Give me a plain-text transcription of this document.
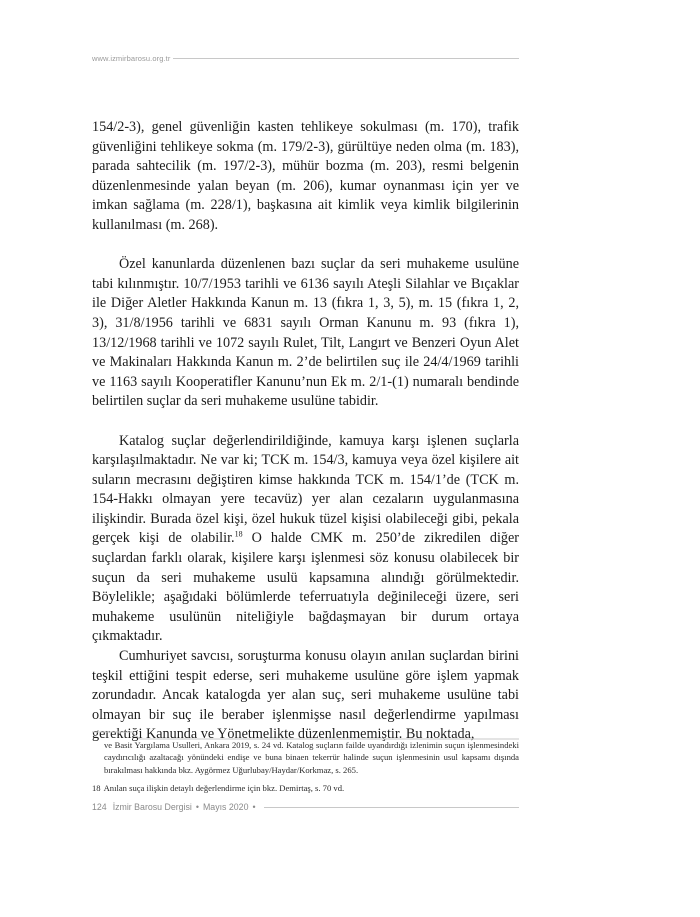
www.izmirbarosu.org.tr

154/2-3), genel güvenliğin kasten tehlikeye sokulması (m. 170), trafik güvenliğini tehlikeye sokma (m. 179/2-3), gürültüye neden olma (m. 183), parada sahtecilik (m. 197/2-3), mühür bozma (m. 203), resmi belgenin düzenlenmesinde yalan beyan (m. 206), kumar oynanması için yer ve imkan sağlama (m. 228/1), başkasına ait kimlik veya kimlik bilgilerinin kullanılması (m. 268).

Özel kanunlarda düzenlenen bazı suçlar da seri muhakeme usulüne tabi kılınmıştır. 10/7/1953 tarihli ve 6136 sayılı Ateşli Silahlar ve Bıçaklar ile Diğer Aletler Hakkında Kanun m. 13 (fıkra 1, 3, 5), m. 15 (fıkra 1, 2, 3), 31/8/1956 tarihli ve 6831 sayılı Orman Kanunu m. 93 (fıkra 1), 13/12/1968 tarihli ve 1072 sayılı Rulet, Tilt, Langırt ve Benzeri Oyun Alet ve Makinaları Hakkında Kanun m. 2’de belirtilen suç ile 24/4/1969 tarihli ve 1163 sayılı Kooperatifler Kanunu’nun Ek m. 2/1-(1) numaralı bendinde belirtilen suçlar da seri muhakeme usulüne tabidir.

Katalog suçlar değerlendirildiğinde, kamuya karşı işlenen suçlarla karşılaşılmaktadır. Ne var ki; TCK m. 154/3, kamuya veya özel kişilere ait suların mecrasını değiştiren kimse hakkında TCK m. 154/1’de (TCK m. 154-Hakkı olmayan yere tecavüz) yer alan cezaların uygulanmasına ilişkindir. Burada özel kişi, özel hukuk tüzel kişisi olabileceği gibi, pekala gerçek kişi de olabilir.$^{18}$ O halde CMK m. 250’de zikredilen diğer suçlardan farklı olarak, kişilere karşı işlenmesi söz konusu olabilecek bir suçun da seri muhakeme usulü kapsamına alındığı görülmektedir. Böylelikle; aşağıdaki bölümlerde teferruatıyla değinileceği üzere, seri muhakeme usulünün niteliğiyle bağdaşmayan bir durum ortaya çıkmaktadır.

Cumhuriyet savcısı, soruşturma konusu olayın anılan suçlardan birini teşkil ettiğini tespit ederse, seri muhakeme usulüne göre işlem yapmak zorundadır. Ancak katalogda yer alan suç, seri muhakeme usulüne tabi olmayan bir suç ile beraber işlenmişse nasıl değerlendirme yapılması gerektiği Kanunda ve Yönetmelikte düzenlenmemiştir. Bu noktada,

ve Basit Yargılama Usulleri, Ankara 2019, s. 24 vd. Katalog suçların failde uyandırdığı izlenimin suçun işlenmesindeki caydırıcılığı azaltacağı yönündeki endişe ve buna binaen tekerrür halinde suçun işlenmesinin usul kapsamı dışında bırakılması hakkında bkz. Aygörmez Uğurlubay/Haydar/Korkmaz, s. 265.

18 Anılan suça ilişkin detaylı değerlendirme için bkz. Demirtaş, s. 70 vd.

124 İzmir Barosu Dergisi • Mayıs 2020 •
